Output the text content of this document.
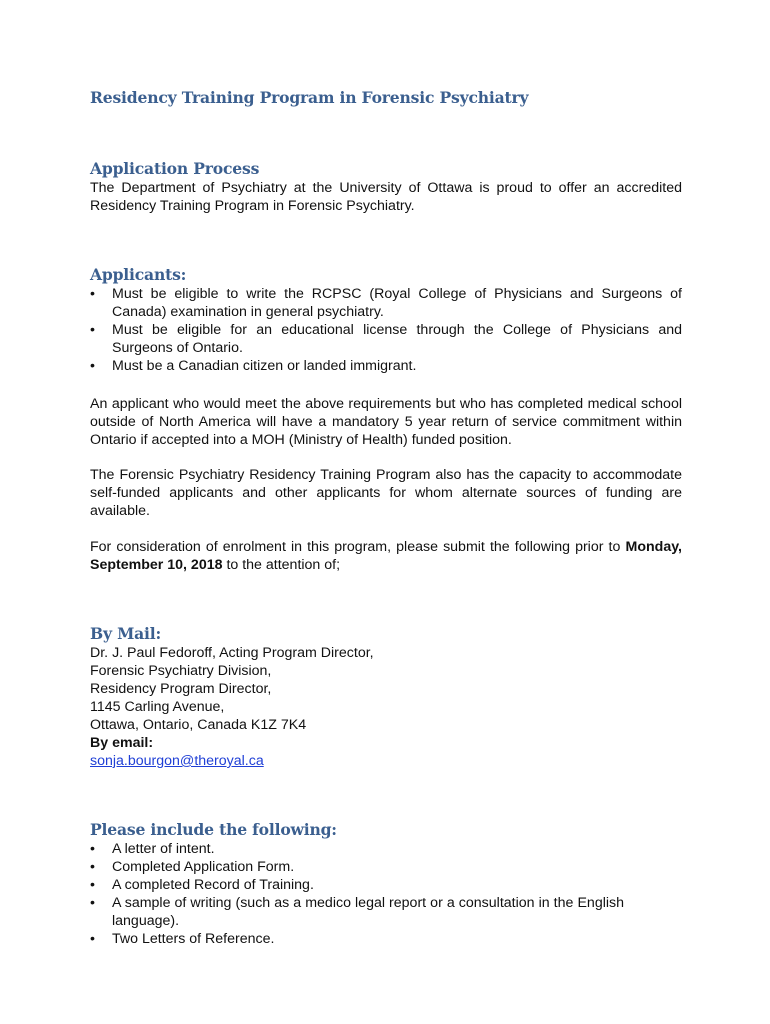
Residency Training Program in Forensic Psychiatry
Application Process

The Department of Psychiatry at the University of Ottawa is proud to offer an accredited Residency Training Program in Forensic Psychiatry.

Applicants:
•	Must be eligible to write the RCPSC (Royal College of Physicians and Surgeons of Canada) examination in general psychiatry.
•	Must be eligible for an educational license through the College of Physicians and Surgeons of Ontario.
•	Must be a Canadian citizen or landed immigrant.

An applicant who would meet the above requirements but who has completed medical school outside of North America will have a mandatory 5 year return of service commitment within Ontario if accepted into a MOH (Ministry of Health) funded position.

The Forensic Psychiatry Residency Training Program also has the capacity to accommodate self-funded applicants and other applicants for whom alternate sources of funding are available.

For consideration of enrolment in this program, please submit the following prior to Monday, September 10, 2018 to the attention of;

By Mail:
Dr. J. Paul Fedoroff, Acting Program Director,
Forensic Psychiatry Division,
Residency Program Director,
1145 Carling Avenue,
Ottawa, Ontario, Canada K1Z 7K4
By email:
sonja.bourgon@theroyal.ca
Please include the following:
•	A letter of intent.
•	Completed Application Form.
•	A completed Record of Training.
•	A sample of writing (such as a medico legal report or a consultation in the English language).
•	Two Letters of Reference.
